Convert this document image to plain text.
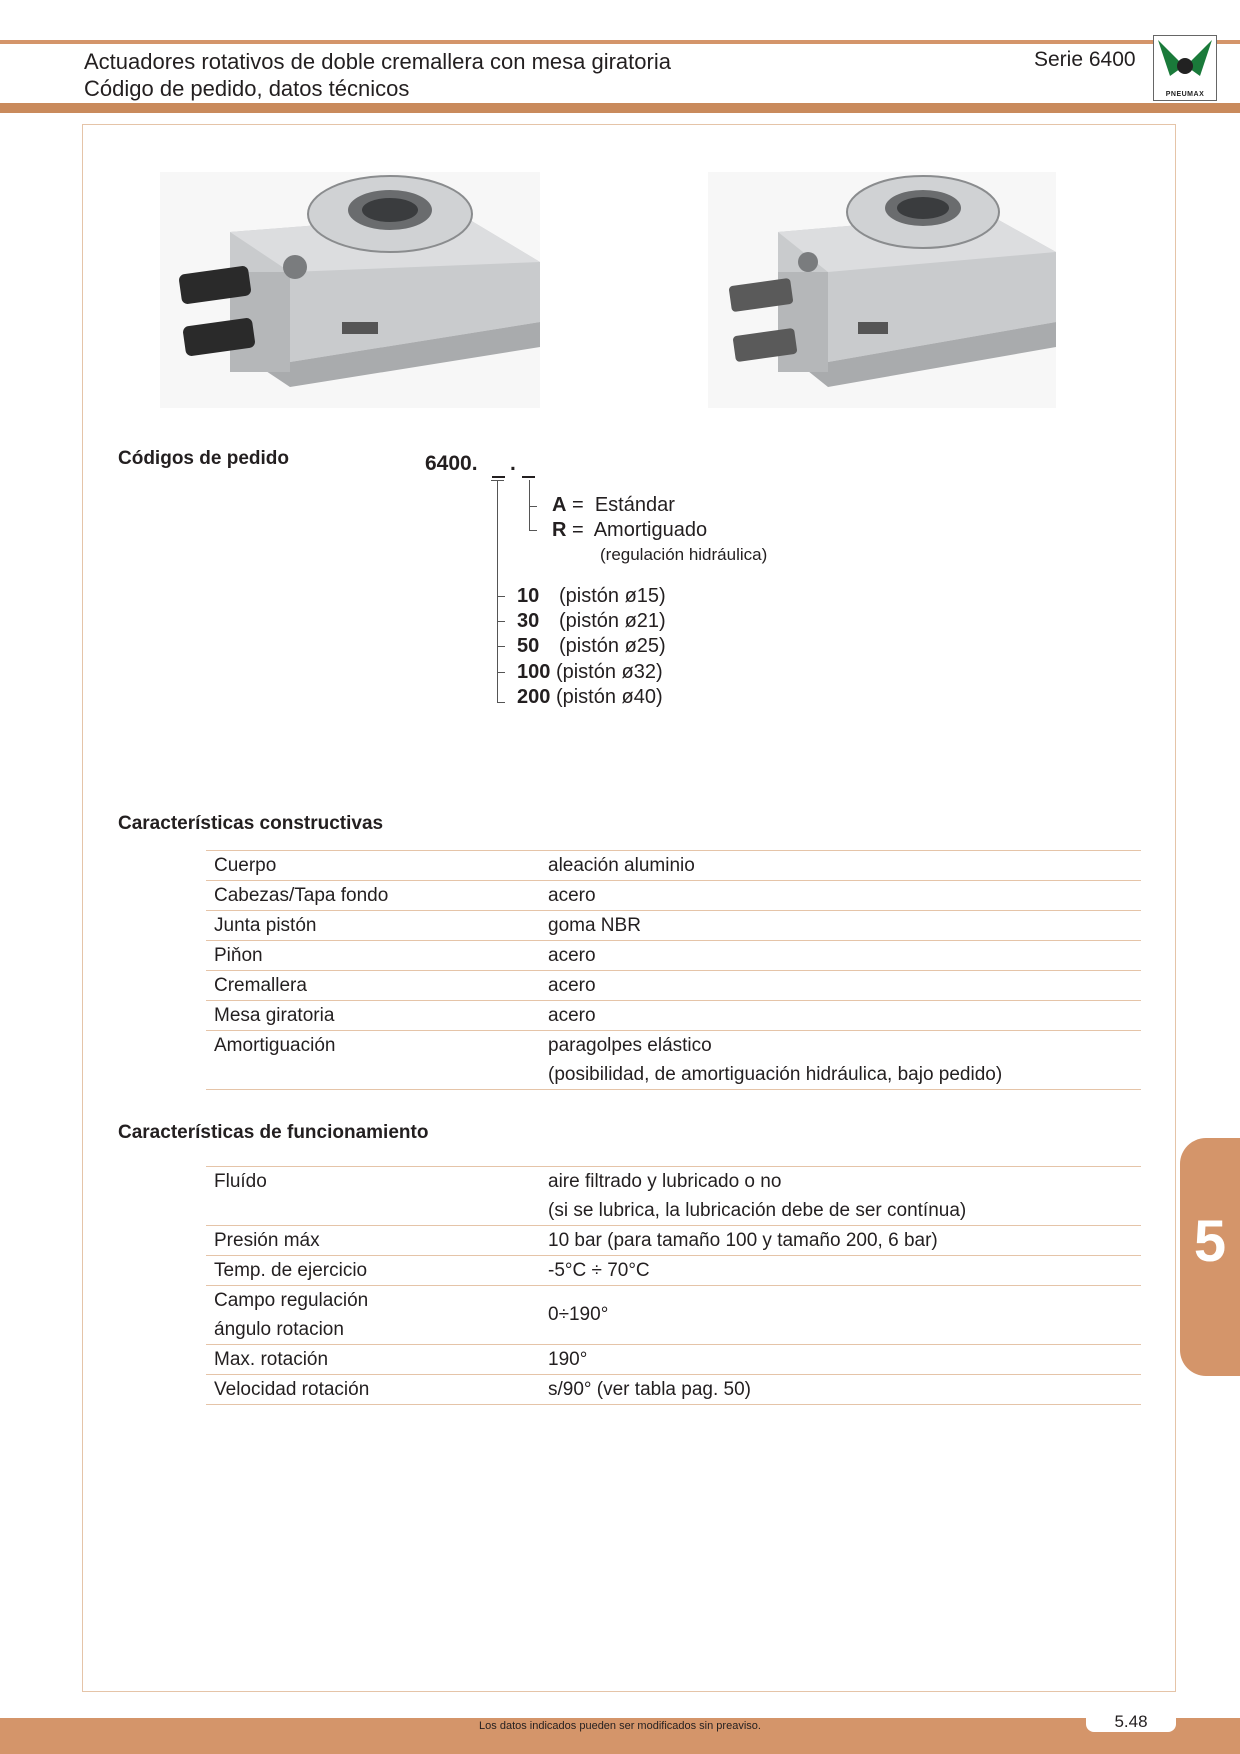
Actuadores rotativos de doble cremallera con mesa giratoria
Código de pedido, datos técnicos
Serie 6400
PNEUMAX
Códigos de pedido	6400. .
A = Estándar
R = Amortiguado
(regulación hidráulica)
10 (pistón ø15)
30 (pistón ø21)
50 (pistón ø25)
100 (pistón ø32)
200 (pistón ø40)
Características constructivas
Cuerpo	aleación aluminio
Cabezas/Tapa fondo	acero
Junta pistón	goma NBR
Piňon	acero
Cremallera	acero
Mesa giratoria	acero
Amortiguación	paragolpes elástico
	(posibilidad, de amortiguación hidráulica, bajo pedido)
Características de funcionamiento
Fluído	aire filtrado y lubricado o no
	(si se lubrica, la lubricación debe de ser contínua)
Presión máx	10 bar (para tamaño 100 y tamaño 200, 6 bar)
Temp. de ejercicio	-5°C ÷ 70°C
Campo regulación	0÷190°
ángulo rotacion	
Max. rotación	190°
Velocidad rotación	s/90° (ver tabla pag. 50)
5
Los datos indicados pueden ser modificados sin preaviso.	5.48
